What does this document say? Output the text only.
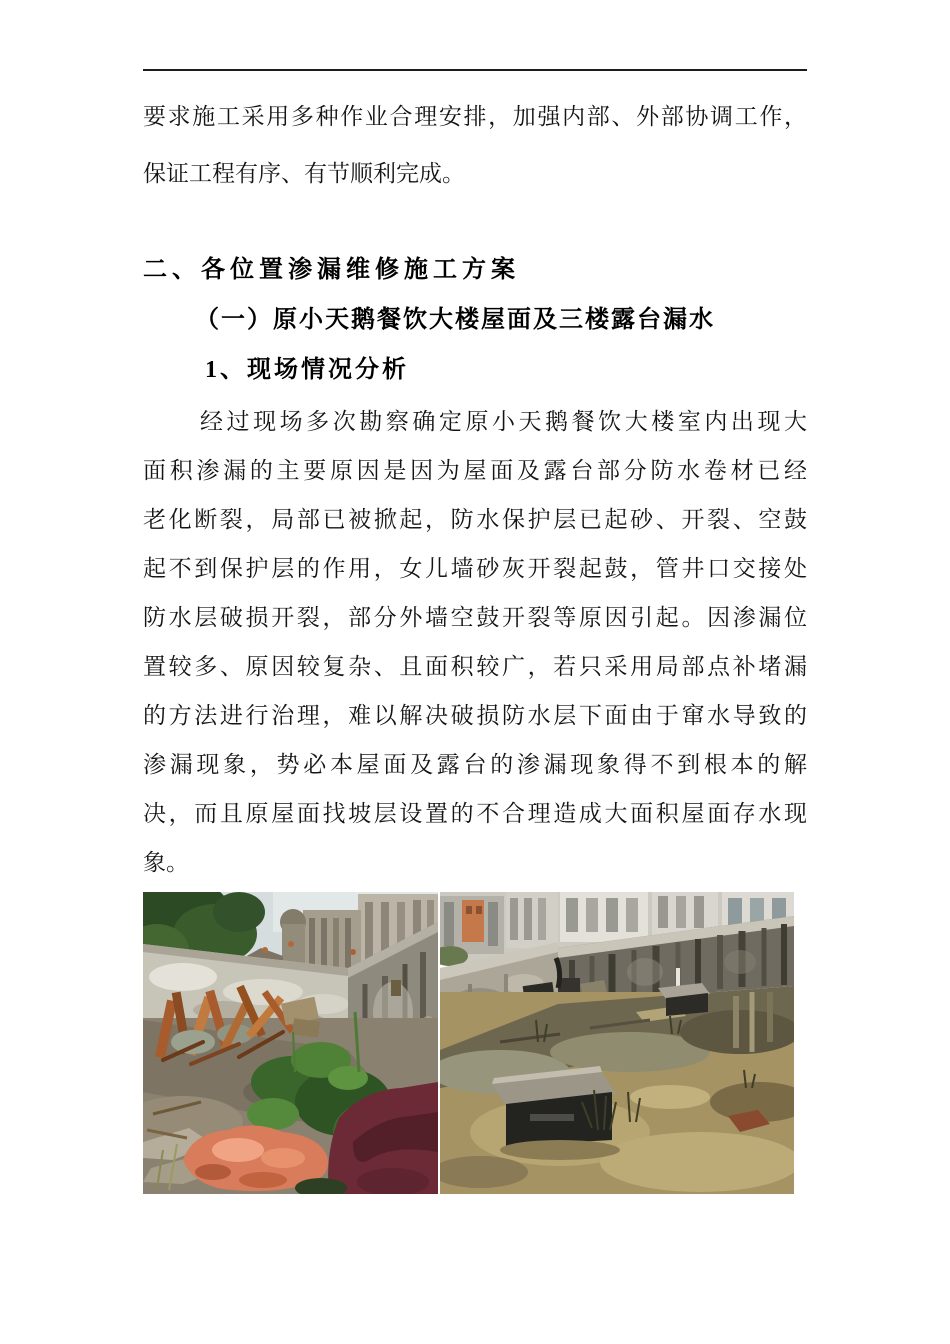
要求施工采用多种作业合理安排，加强内部、外部协调工作，
保证工程有序、有节顺利完成。
二、各位置渗漏维修施工方案
（一）原小天鹅餐饮大楼屋面及三楼露台漏水
1、现场情况分析
经过现场多次勘察确定原小天鹅餐饮大楼室内出现大
面积渗漏的主要原因是因为屋面及露台部分防水卷材已经
老化断裂，局部已被掀起，防水保护层已起砂、开裂、空鼓
起不到保护层的作用，女儿墙砂灰开裂起鼓，管井口交接处
防水层破损开裂，部分外墙空鼓开裂等原因引起。因渗漏位
置较多、原因较复杂、且面积较广，若只采用局部点补堵漏
的方法进行治理，难以解决破损防水层下面由于窜水导致的
渗漏现象，势必本屋面及露台的渗漏现象得不到根本的解
决，而且原屋面找坡层设置的不合理造成大面积屋面存水现
象。
